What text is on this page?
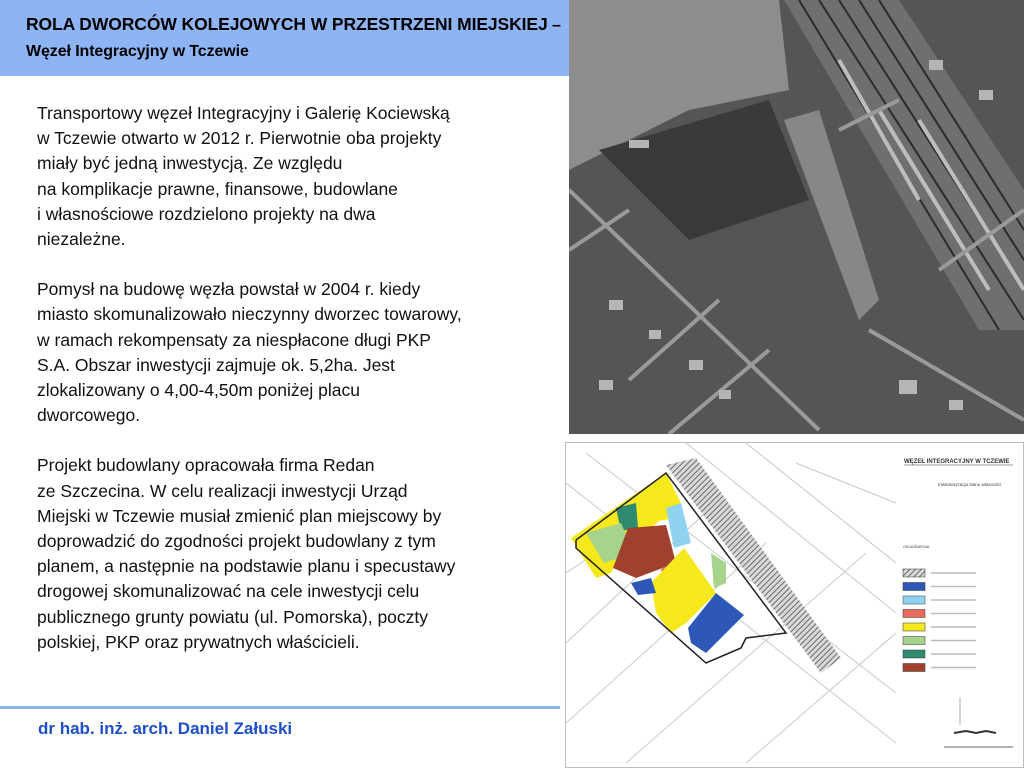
ROLA DWORCÓW KOLEJOWYCH W PRZESTRZENI MIEJSKIEJ – Węzeł Integracyjny w Tczewie

Transportowy węzeł Integracyjny i Galerię Kociewską
w Tczewie otwarto w 2012 r. Pierwotnie oba projekty
miały być jedną inwestycją. Ze względu
na komplikacje prawne, finansowe, budowlane
i własnościowe rozdzielono projekty na dwa
niezależne.

Pomysł na budowę węzła powstał w 2004 r. kiedy
miasto skomunalizowało nieczynny dworzec towarowy,
w ramach rekompensaty za niespłacone długi PKP
S.A. Obszar inwestycji zajmuje ok. 5,2ha. Jest
zlokalizowany o 4,00-4,50m poniżej placu
dworcowego.

Projekt budowlany opracowała firma Redan
ze Szczecina. W celu realizacji inwestycji Urząd
Miejski w Tczewie musiał zmienić plan miejscowy by
doprowadzić do zgodności projekt budowlany z tym
planem, a następnie na podstawie planu i specustawy
drogowej skomunalizować na cele inwestycji celu
publicznego grunty powiatu (ul. Pomorska), poczty
polskiej, PKP oraz prywatnych właścicieli.

dr hab. inż. arch. Daniel Załuski
WĘZEŁ INTEGRACYJNY W TCZEWIE
Inwentaryzacja stanu własności
OBJAŚNIENIA
